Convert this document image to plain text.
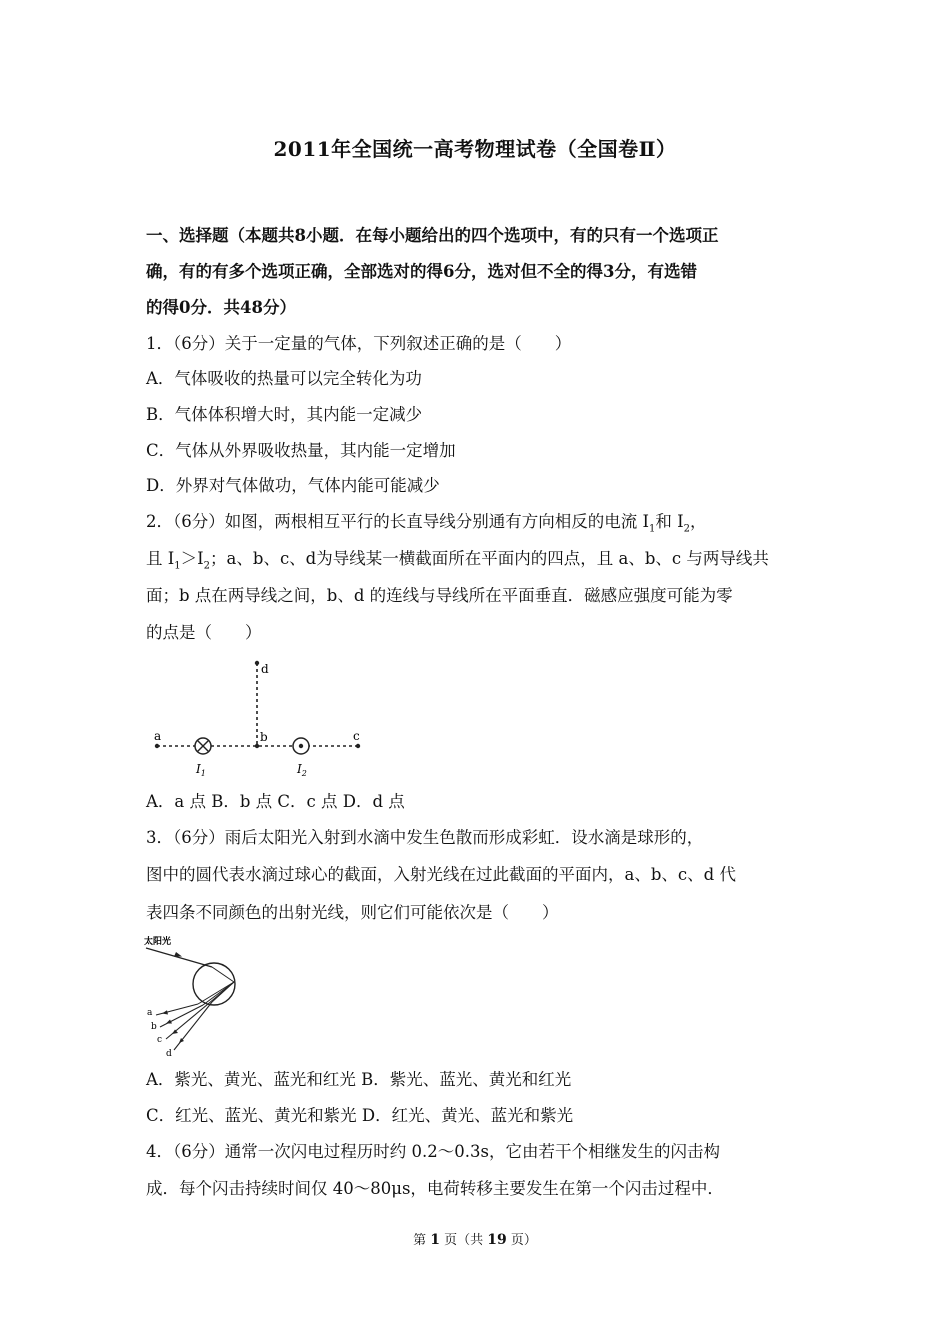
2011年全国统一高考物理试卷（全国卷Ⅱ）
一、选择题（本题共8小题．在每小题给出的四个选项中，有的只有一个选项正
确，有的有多个选项正确，全部选对的得6分，选对但不全的得3分，有选错
的得0分．共48分）
1．（6分）关于一定量的气体，下列叙述正确的是（　　）
A．气体吸收的热量可以完全转化为功
B．气体体积增大时，其内能一定减少
C．气体从外界吸收热量，其内能一定增加
D．外界对气体做功，气体内能可能减少
2．（6分）如图，两根相互平行的长直导线分别通有方向相反的电流 $I_1$和 $I_2$，
且 $I_1>I_2$；a、b、c、d为导线某一横截面所在平面内的四点，且 a、b、c 与两导线共
面；b 点在两导线之间，b、d 的连线与导线所在平面垂直．磁感应强度可能为零
的点是（　　）
a	b	c
d
$I_1$	$I_2$
A．a 点 B．b 点 C．c 点 D．d 点
3．（6分）雨后太阳光入射到水滴中发生色散而形成彩虹．设水滴是球形的，
图中的圆代表水滴过球心的截面，入射光线在过此截面的平面内，a、b、c、d 代
表四条不同颜色的出射光线，则它们可能依次是（　　）
太阳光
a
b
c
d
A．紫光、黄光、蓝光和红光 B．紫光、蓝光、黄光和红光
C．红光、蓝光、黄光和紫光 D．红光、黄光、蓝光和紫光
4．（6分）通常一次闪电过程历时约 0.2～0.3s，它由若干个相继发生的闪击构
成．每个闪击持续时间仅 40～80μs，电荷转移主要发生在第一个闪击过程中．
第 1 页（共 19 页）
